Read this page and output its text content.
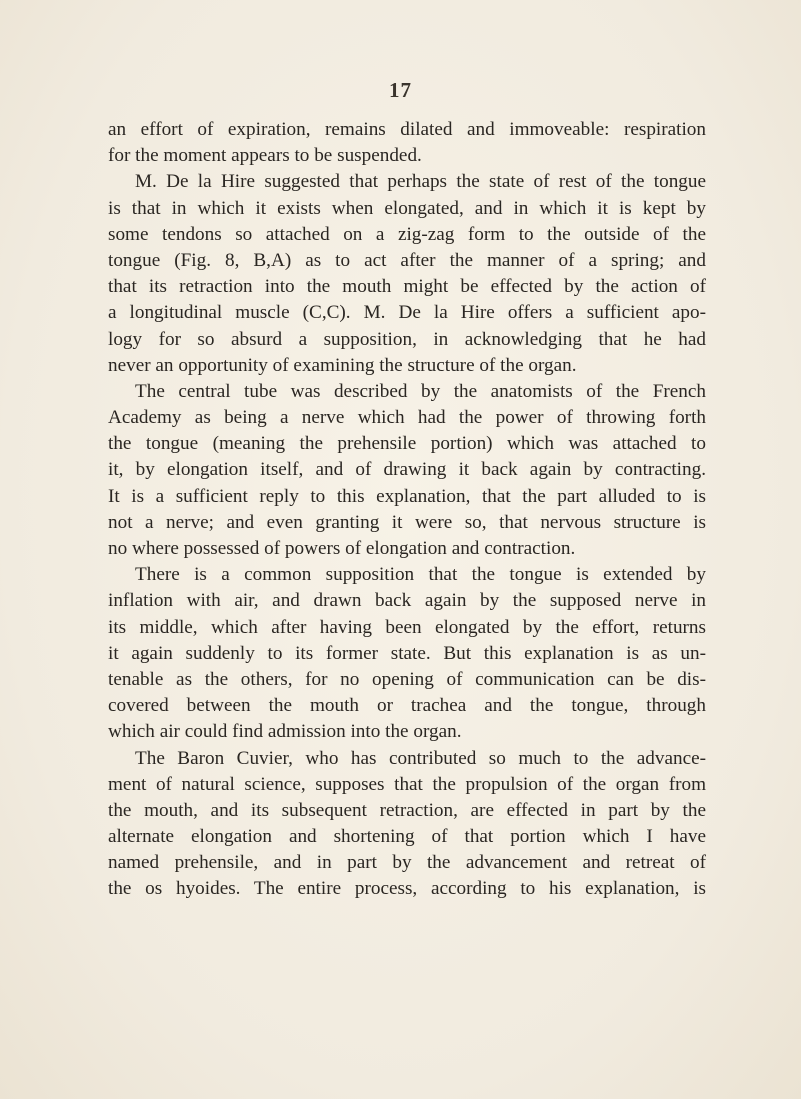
17
an effort of expiration, remains dilated and immoveable: respiration
for the moment appears to be suspended.
M. De la Hire suggested that perhaps the state of rest of the tongue
is that in which it exists when elongated, and in which it is kept by
some tendons so attached on a zig-zag form to the outside of the
tongue (Fig. 8, B,A) as to act after the manner of a spring; and
that its retraction into the mouth might be effected by the action of
a longitudinal muscle (C,C). M. De la Hire offers a sufficient apo-
logy for so absurd a supposition, in acknowledging that he had
never an opportunity of examining the structure of the organ.
The central tube was described by the anatomists of the French
Academy as being a nerve which had the power of throwing forth
the tongue (meaning the prehensile portion) which was attached to
it, by elongation itself, and of drawing it back again by contracting.
It is a sufficient reply to this explanation, that the part alluded to is
not a nerve; and even granting it were so, that nervous structure is
no where possessed of powers of elongation and contraction.
There is a common supposition that the tongue is extended by
inflation with air, and drawn back again by the supposed nerve in
its middle, which after having been elongated by the effort, returns
it again suddenly to its former state. But this explanation is as un-
tenable as the others, for no opening of communication can be dis-
covered between the mouth or trachea and the tongue, through
which air could find admission into the organ.
The Baron Cuvier, who has contributed so much to the advance-
ment of natural science, supposes that the propulsion of the organ from
the mouth, and its subsequent retraction, are effected in part by the
alternate elongation and shortening of that portion which I have
named prehensile, and in part by the advancement and retreat of
the os hyoides. The entire process, according to his explanation, is
